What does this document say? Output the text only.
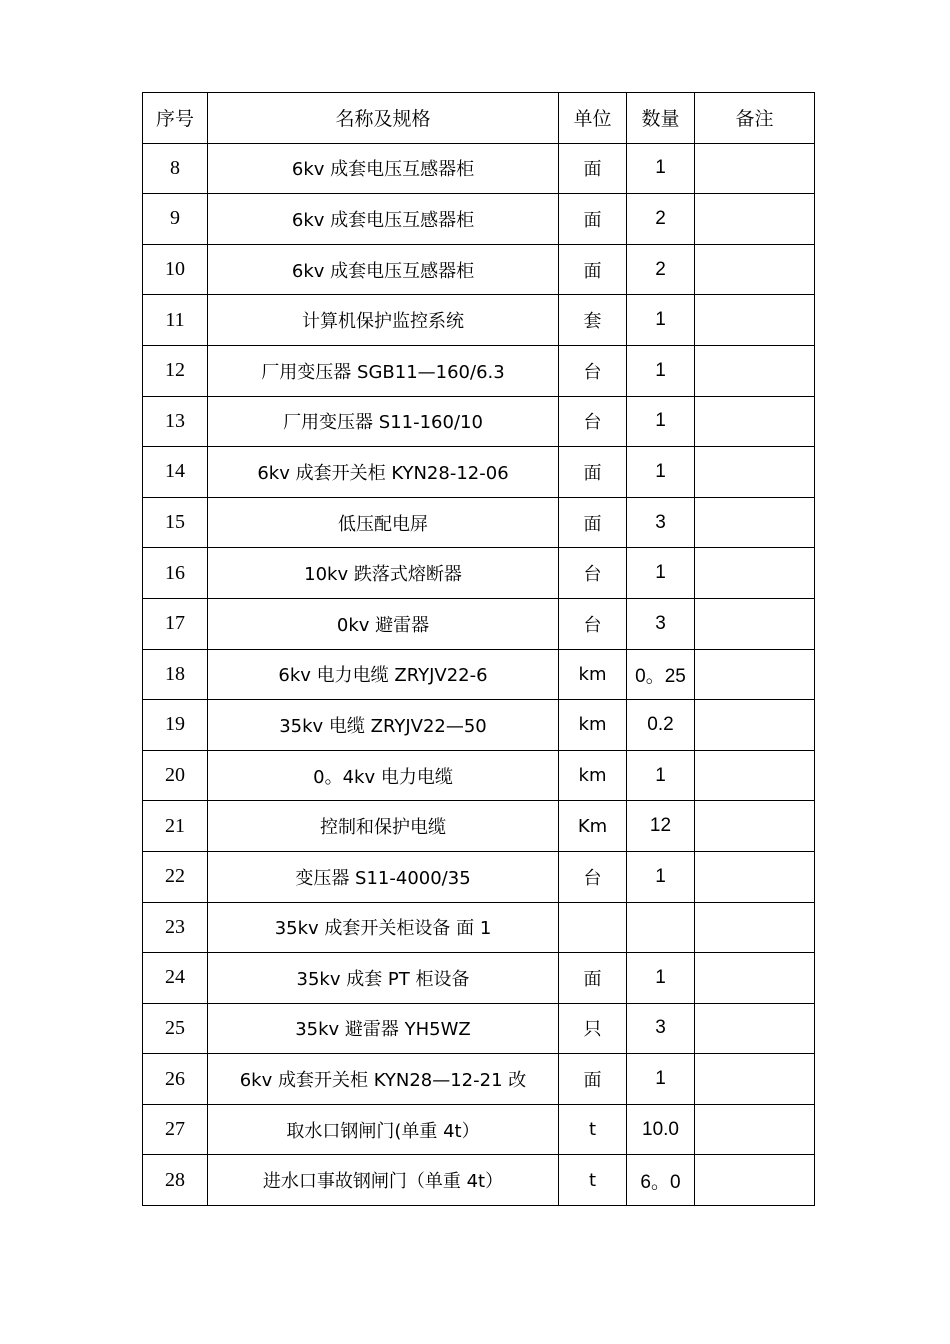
序号	名称及规格	单位	数量	备注
8	6kv 成套电压互感器柜	面	1	
9	6kv 成套电压互感器柜	面	2	
10	6kv 成套电压互感器柜	面	2	
11	计算机保护监控系统	套	1	
12	厂用变压器 SGB11—160/6.3	台	1	
13	厂用变压器 S11-160/10	台	1	
14	6kv 成套开关柜 KYN28-12-06	面	1	
15	低压配电屏	面	3	
16	10kv 跌落式熔断器	台	1	
17	0kv 避雷器	台	3	
18	6kv 电力电缆 ZRYJV22-6	km	0。25	
19	35kv 电缆 ZRYJV22—50	km	0.2	
20	0。4kv 电力电缆	km	1	
21	控制和保护电缆	Km	12	
22	变压器 S11-4000/35	台	1	
23	35kv 成套开关柜设备 面 1			
24	35kv 成套 PT 柜设备	面	1	
25	35kv 避雷器 YH5WZ	只	3	
26	6kv 成套开关柜 KYN28—12-21 改	面	1	
27	取水口钢闸门(单重 4t）	t	10.0	
28	进水口事故钢闸门（单重 4t）	t	6。0	
